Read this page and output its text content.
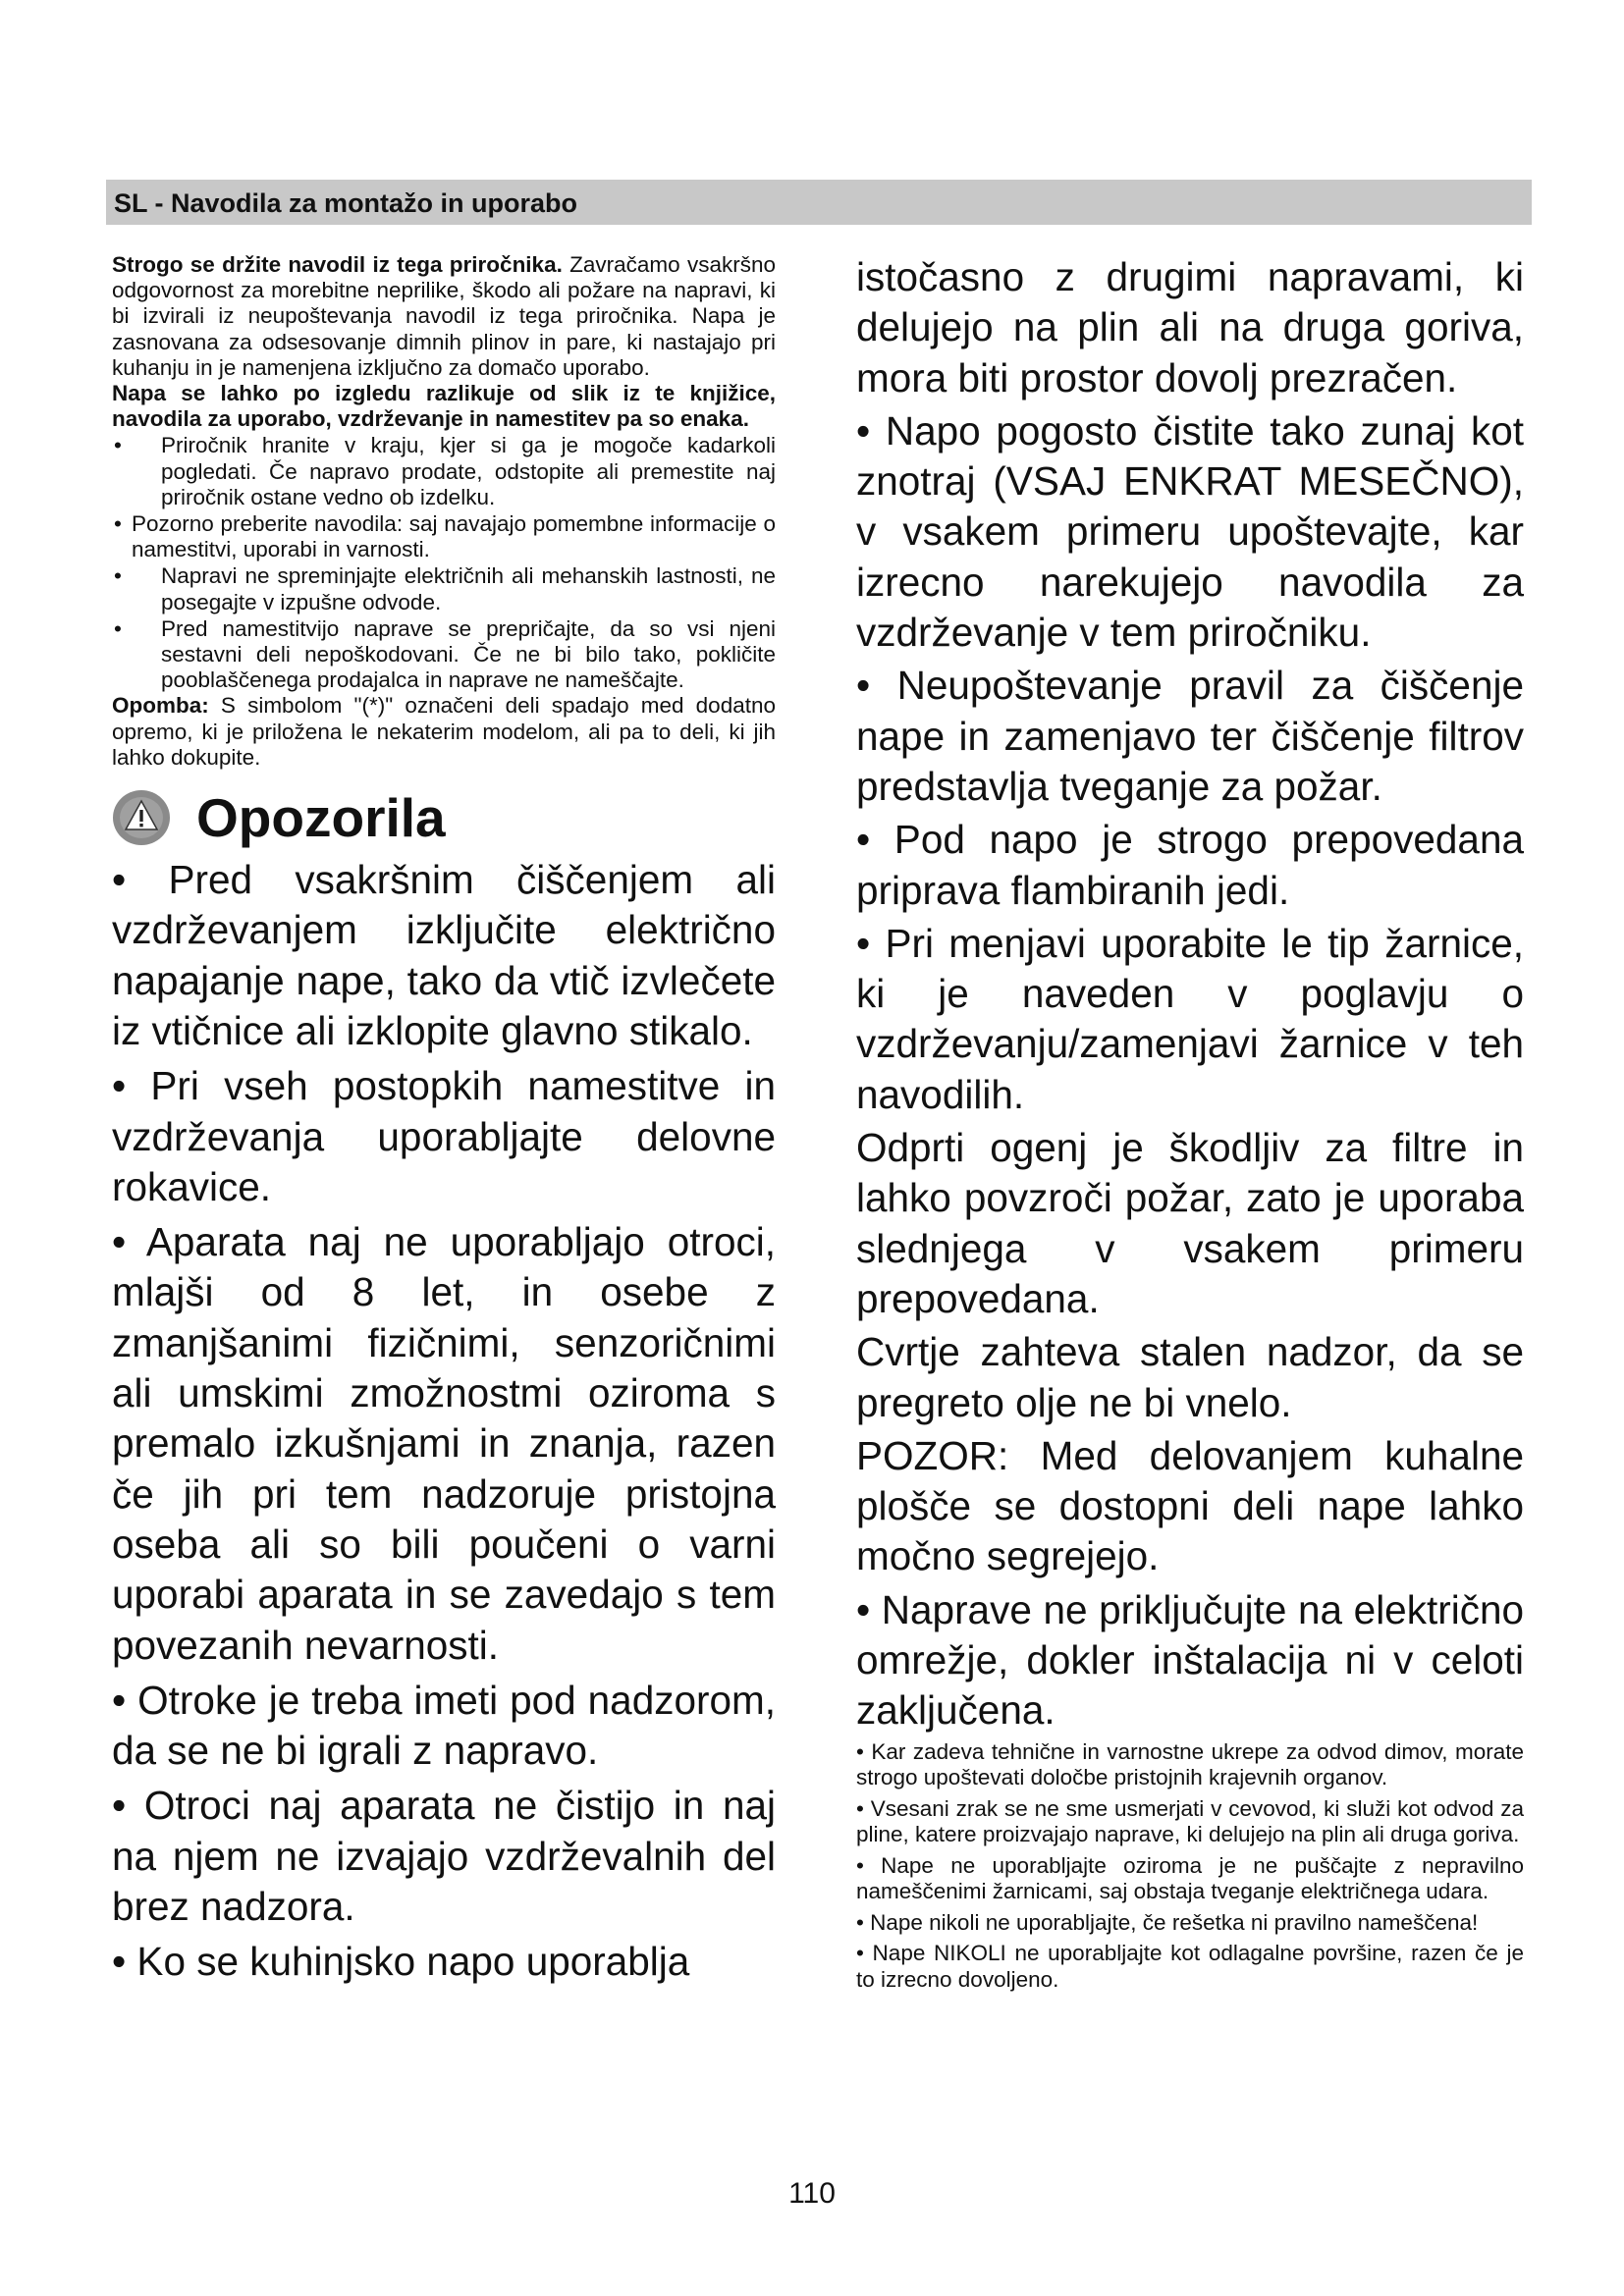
SL - Navodila za montažo in uporabo

Strogo se držite navodil iz tega priročnika. Zavračamo vsakršno odgovornost za morebitne neprilike, škodo ali požare na napravi, ki bi izvirali iz neupoštevanja navodil iz tega priročnika. Napa je zasnovana za odsesovanje dimnih plinov in pare, ki nastajajo pri kuhanju in je namenjena izključno za domačo uporabo.

Napa se lahko po izgledu razlikuje od slik iz te knjižice, navodila za uporabo, vzdrževanje in namestitev pa so enaka.

•	Priročnik hranite v kraju, kjer si ga je mogoče kadarkoli pogledati. Če napravo prodate, odstopite ali premestite naj priročnik ostane vedno ob izdelku.
• Pozorno preberite navodila: saj navajajo pomembne informacije o namestitvi, uporabi in varnosti.
•	Napravi ne spreminjajte električnih ali mehanskih lastnosti, ne posegajte v izpušne odvode.
•	Pred namestitvijo naprave se prepričajte, da so vsi njeni sestavni deli nepoškodovani. Če ne bi bilo tako, pokličite pooblaščenega prodajalca in naprave ne nameščajte.

Opomba: S simbolom "(*)" označeni deli spadajo med dodatno opremo, ki je priložena le nekaterim modelom, ali pa to deli, ki jih lahko dokupite.

Opozorila

• Pred vsakršnim čiščenjem ali vzdrževanjem izključite električno napajanje nape, tako da vtič izvlečete iz vtičnice ali izklopite glavno stikalo.

• Pri vseh postopkih namestitve in vzdrževanja uporabljajte delovne rokavice.

• Aparata naj ne uporabljajo otroci, mlajši od 8 let, in osebe z zmanjšanimi fizičnimi, senzoričnimi ali umskimi zmožnostmi oziroma s premalo izkušnjami in znanja, razen če jih pri tem nadzoruje pristojna oseba ali so bili poučeni o varni uporabi aparata in se zavedajo s tem povezanih nevarnosti.

• Otroke je treba imeti pod nadzorom, da se ne bi igrali z napravo.

• Otroci naj aparata ne čistijo in naj na njem ne izvajajo vzdrževalnih del brez nadzora.

• Ko se kuhinjsko napo uporablja

istočasno z drugimi napravami, ki delujejo na plin ali na druga goriva, mora biti prostor dovolj prezračen.

• Napo pogosto čistite tako zunaj kot znotraj (VSAJ ENKRAT MESEČNO), v vsakem primeru upoštevajte, kar izrecno narekujejo navodila za vzdrževanje v tem priročniku.

• Neupoštevanje pravil za čiščenje nape in zamenjavo ter čiščenje filtrov predstavlja tveganje za požar.

• Pod napo je strogo prepovedana priprava flambiranih jedi.

• Pri menjavi uporabite le tip žarnice, ki je naveden v poglavju o vzdrževanju/zamenjavi žarnice v teh navodilih.

Odprti ogenj je škodljiv za filtre in lahko povzroči požar, zato je uporaba slednjega v vsakem primeru prepovedana.

Cvrtje zahteva stalen nadzor, da se pregreto olje ne bi vnelo.

POZOR: Med delovanjem kuhalne plošče se dostopni deli nape lahko močno segrejejo.

• Naprave ne priključujte na električno omrežje, dokler inštalacija ni v celoti zaključena.

• Kar zadeva tehnične in varnostne ukrepe za odvod dimov, morate strogo upoštevati določbe pristojnih krajevnih organov.

• Vsesani zrak se ne sme usmerjati v cevovod, ki služi kot odvod za pline, katere proizvajajo naprave, ki delujejo na plin ali druga goriva.

• Nape ne uporabljajte oziroma je ne puščajte z nepravilno nameščenimi žarnicami, saj obstaja tveganje električnega udara.

• Nape nikoli ne uporabljajte, če rešetka ni pravilno nameščena!

• Nape NIKOLI ne uporabljajte kot odlagalne površine, razen če je to izrecno dovoljeno.

110
